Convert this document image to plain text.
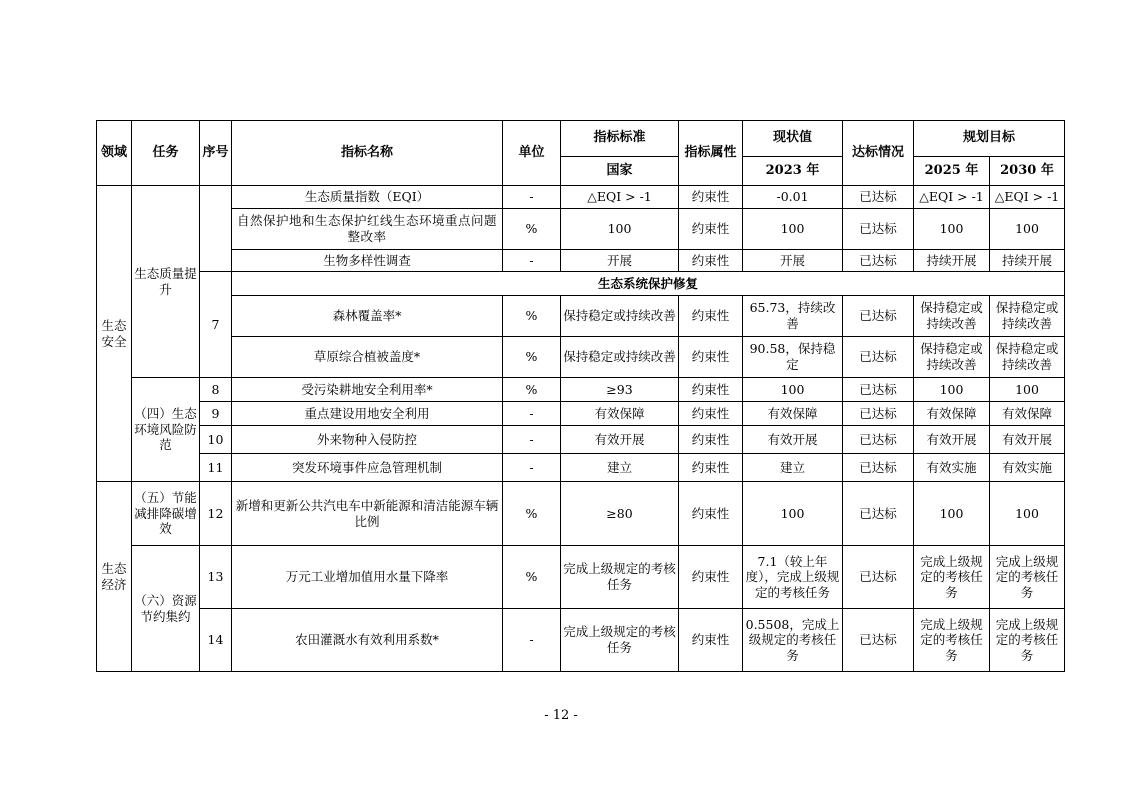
领域	任务	序号	指标名称	单位	指标标准	指标属性	现状值	达标情况	规划目标	
					国家		2023 年		2025 年	2030 年
生态安全	生态质量提升		生态质量指数（EQI）	-	△EQI > -1	约束性	-0.01	已达标	△EQI > -1	△EQI > -1
			自然保护地和生态保护红线生态环境重点问题整改率	%	100	约束性	100	已达标	100	100
			生物多样性调查	-	开展	约束性	开展	已达标	持续开展	持续开展
		7	生态系统保护修复							
			森林覆盖率*	%	保持稳定或持续改善	约束性	65.73，持续改善	已达标	保持稳定或持续改善	保持稳定或持续改善
			草原综合植被盖度*	%	保持稳定或持续改善	约束性	90.58，保持稳定	已达标	保持稳定或持续改善	保持稳定或持续改善
	（四）生态环境风险防范	8	受污染耕地安全利用率*	%	≥93	约束性	100	已达标	100	100
		9	重点建设用地安全利用	-	有效保障	约束性	有效保障	已达标	有效保障	有效保障
		10	外来物种入侵防控	-	有效开展	约束性	有效开展	已达标	有效开展	有效开展
		11	突发环境事件应急管理机制	-	建立	约束性	建立	已达标	有效实施	有效实施
生态经济	（五）节能减排降碳增效	12	新增和更新公共汽电车中新能源和清洁能源车辆比例	%	≥80	约束性	100	已达标	100	100
	（六）资源节约集约	13	万元工业增加值用水量下降率	%	完成上级规定的考核任务	约束性	7.1（较上年度），完成上级规定的考核任务	已达标	完成上级规定的考核任务	完成上级规定的考核任务
		14	农田灌溉水有效利用系数*	-	完成上级规定的考核任务	约束性	0.5508，完成上级规定的考核任务	已达标	完成上级规定的考核任务	完成上级规定的考核任务
- 12 -
